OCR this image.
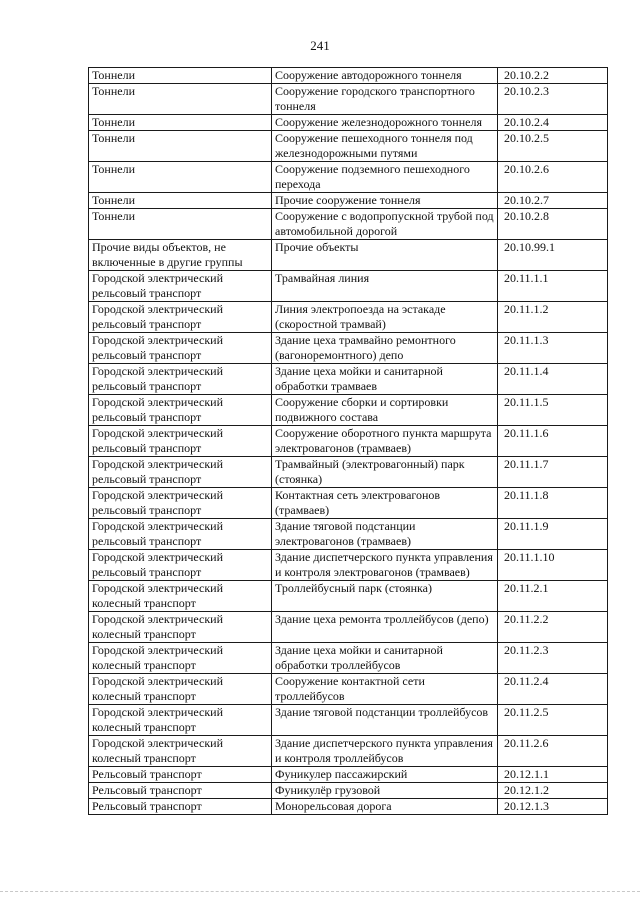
241
Тоннели	Сооружение автодорожного тоннеля	20.10.2.2
Тоннели	Сооружение городского транспортного тоннеля	20.10.2.3
Тоннели	Сооружение железнодорожного тоннеля	20.10.2.4
Тоннели	Сооружение пешеходного тоннеля под железнодорожными путями	20.10.2.5
Тоннели	Сооружение подземного пешеходного перехода	20.10.2.6
Тоннели	Прочие сооружение тоннеля	20.10.2.7
Тоннели	Сооружение с водопропускной трубой под автомобильной дорогой	20.10.2.8
Прочие виды объектов, не включенные в другие группы	Прочие объекты	20.10.99.1
Городской электрический рельсовый транспорт	Трамвайная линия	20.11.1.1
Городской электрический рельсовый транспорт	Линия электропоезда на эстакаде (скоростной трамвай)	20.11.1.2
Городской электрический рельсовый транспорт	Здание цеха трамвайно ремонтного (вагоноремонтного) депо	20.11.1.3
Городской электрический рельсовый транспорт	Здание цеха мойки и санитарной обработки трамваев	20.11.1.4
Городской электрический рельсовый транспорт	Сооружение сборки и сортировки подвижного состава	20.11.1.5
Городской электрический рельсовый транспорт	Сооружение оборотного пункта маршрута электровагонов (трамваев)	20.11.1.6
Городской электрический рельсовый транспорт	Трамвайный (электровагонный) парк (стоянка)	20.11.1.7
Городской электрический рельсовый транспорт	Контактная сеть электровагонов (трамваев)	20.11.1.8
Городской электрический рельсовый транспорт	Здание тяговой подстанции электровагонов (трамваев)	20.11.1.9
Городской электрический рельсовый транспорт	Здание диспетчерского пункта управления и контроля электровагонов (трамваев)	20.11.1.10
Городской электрический колесный транспорт	Троллейбусный парк (стоянка)	20.11.2.1
Городской электрический колесный транспорт	Здание цеха ремонта троллейбусов (депо)	20.11.2.2
Городской электрический колесный транспорт	Здание цеха мойки и санитарной обработки троллейбусов	20.11.2.3
Городской электрический колесный транспорт	Сооружение контактной сети троллейбусов	20.11.2.4
Городской электрический колесный транспорт	Здание тяговой подстанции троллейбусов	20.11.2.5
Городской электрический колесный транспорт	Здание диспетчерского пункта управления и контроля троллейбусов	20.11.2.6
Рельсовый транспорт	Фуникулер пассажирский	20.12.1.1
Рельсовый транспорт	Фуникулёр грузовой	20.12.1.2
Рельсовый транспорт	Монорельсовая дорога	20.12.1.3
